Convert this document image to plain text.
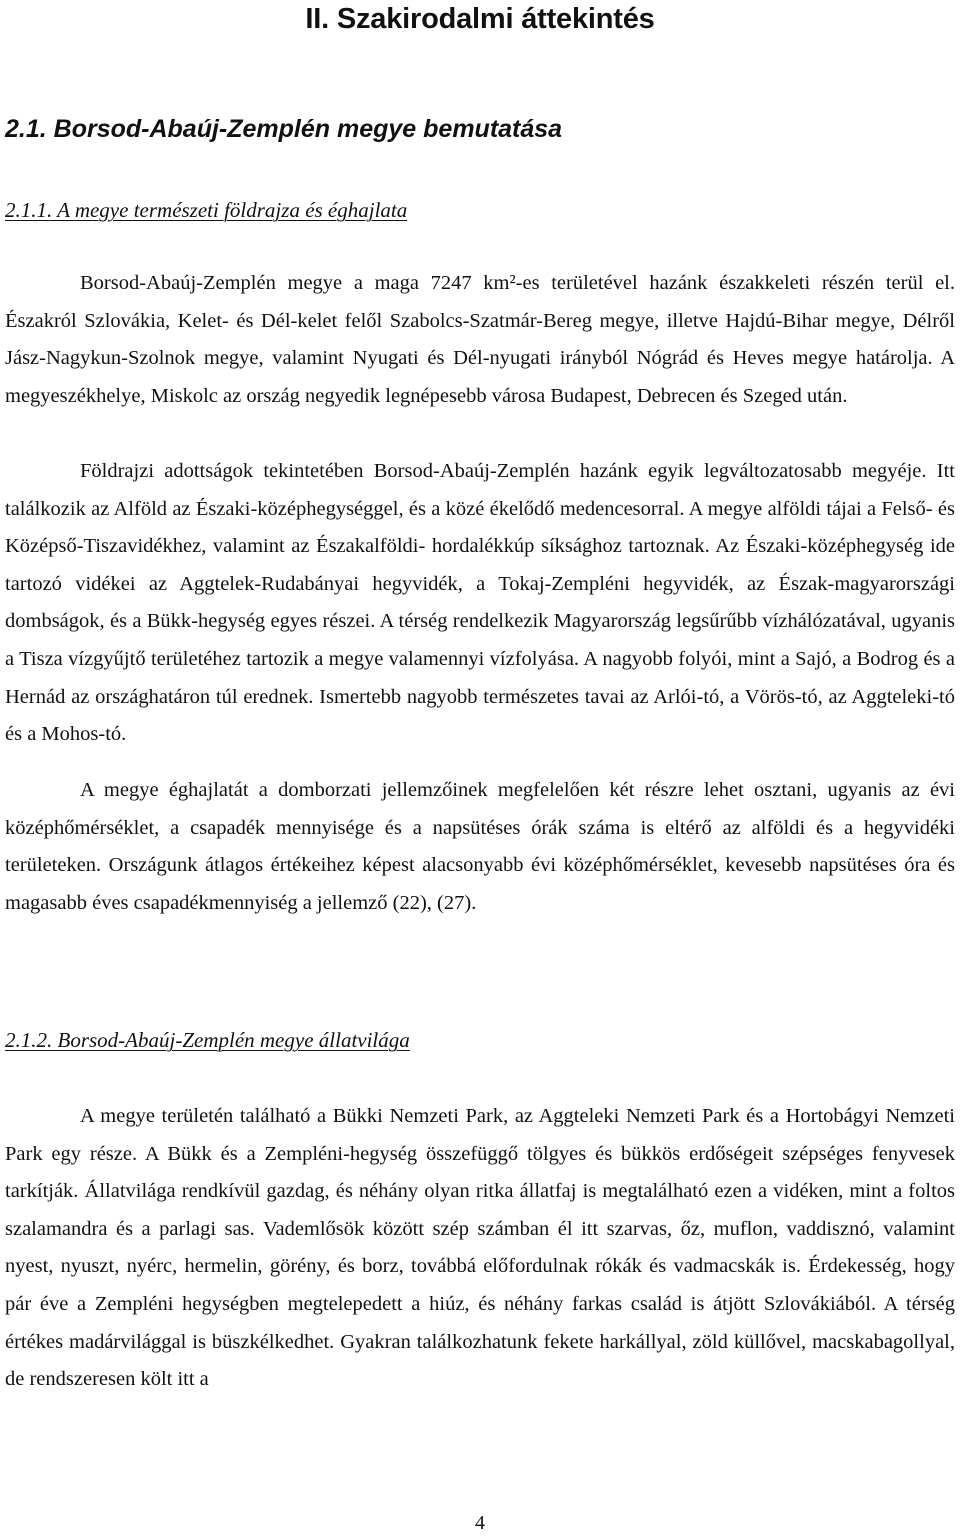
II. Szakirodalmi áttekintés
2.1. Borsod-Abaúj-Zemplén megye bemutatása
2.1.1. A megye természeti földrajza és éghajlata

Borsod-Abaúj-Zemplén megye a maga 7247 km²-es területével hazánk északkeleti részén terül el. Északról Szlovákia, Kelet- és Dél-kelet felől Szabolcs-Szatmár-Bereg megye, illetve Hajdú-Bihar megye, Délről Jász-Nagykun-Szolnok megye, valamint Nyugati és Dél-nyugati irányból Nógrád és Heves megye határolja. A megyeszékhelye, Miskolc az ország negyedik legnépesebb városa Budapest, Debrecen és Szeged után.

Földrajzi adottságok tekintetében Borsod-Abaúj-Zemplén hazánk egyik legváltozatosabb megyéje. Itt találkozik az Alföld az Északi-középhegységgel, és a közé ékelődő medencesorral. A megye alföldi tájai a Felső- és Középső-Tiszavidékhez, valamint az Északalföldi- hordalékkúp síksághoz tartoznak. Az Északi-középhegység ide tartozó vidékei az Aggtelek-Rudabányai hegyvidék, a Tokaj-Zempléni hegyvidék, az Észak-magyarországi dombságok, és a Bükk-hegység egyes részei. A térség rendelkezik Magyarország legsűrűbb vízhálózatával, ugyanis a Tisza vízgyűjtő területéhez tartozik a megye valamennyi vízfolyása. A nagyobb folyói, mint a Sajó, a Bodrog és a Hernád az országhatáron túl erednek. Ismertebb nagyobb természetes tavai az Arlói-tó, a Vörös-tó, az Aggteleki-tó és a Mohos-tó.

A megye éghajlatát a domborzati jellemzőinek megfelelően két részre lehet osztani, ugyanis az évi középhőmérséklet, a csapadék mennyisége és a napsütéses órák száma is eltérő az alföldi és a hegyvidéki területeken. Országunk átlagos értékeihez képest alacsonyabb évi középhőmérséklet, kevesebb napsütéses óra és magasabb éves csapadékmennyiség a jellemző (22), (27).

2.1.2. Borsod-Abaúj-Zemplén megye állatvilága

A megye területén található a Bükki Nemzeti Park, az Aggteleki Nemzeti Park és a Hortobágyi Nemzeti Park egy része. A Bükk és a Zempléni-hegység összefüggő tölgyes és bükkös erdőségeit szépséges fenyvesek tarkítják. Állatvilága rendkívül gazdag, és néhány olyan ritka állatfaj is megtalálható ezen a vidéken, mint a foltos szalamandra és a parlagi sas. Vademlősök között szép számban él itt szarvas, őz, muflon, vaddisznó, valamint nyest, nyuszt, nyérc, hermelin, görény, és borz, továbbá előfordulnak rókák és vadmacskák is. Érdekesség, hogy pár éve a Zempléni hegységben megtelepedett a hiúz, és néhány farkas család is átjött Szlovákiából. A térség értékes madárvilággal is büszkélkedhet. Gyakran találkozhatunk fekete harkállyal, zöld küllővel, macskabagollyal, de rendszeresen költ itt a

4
